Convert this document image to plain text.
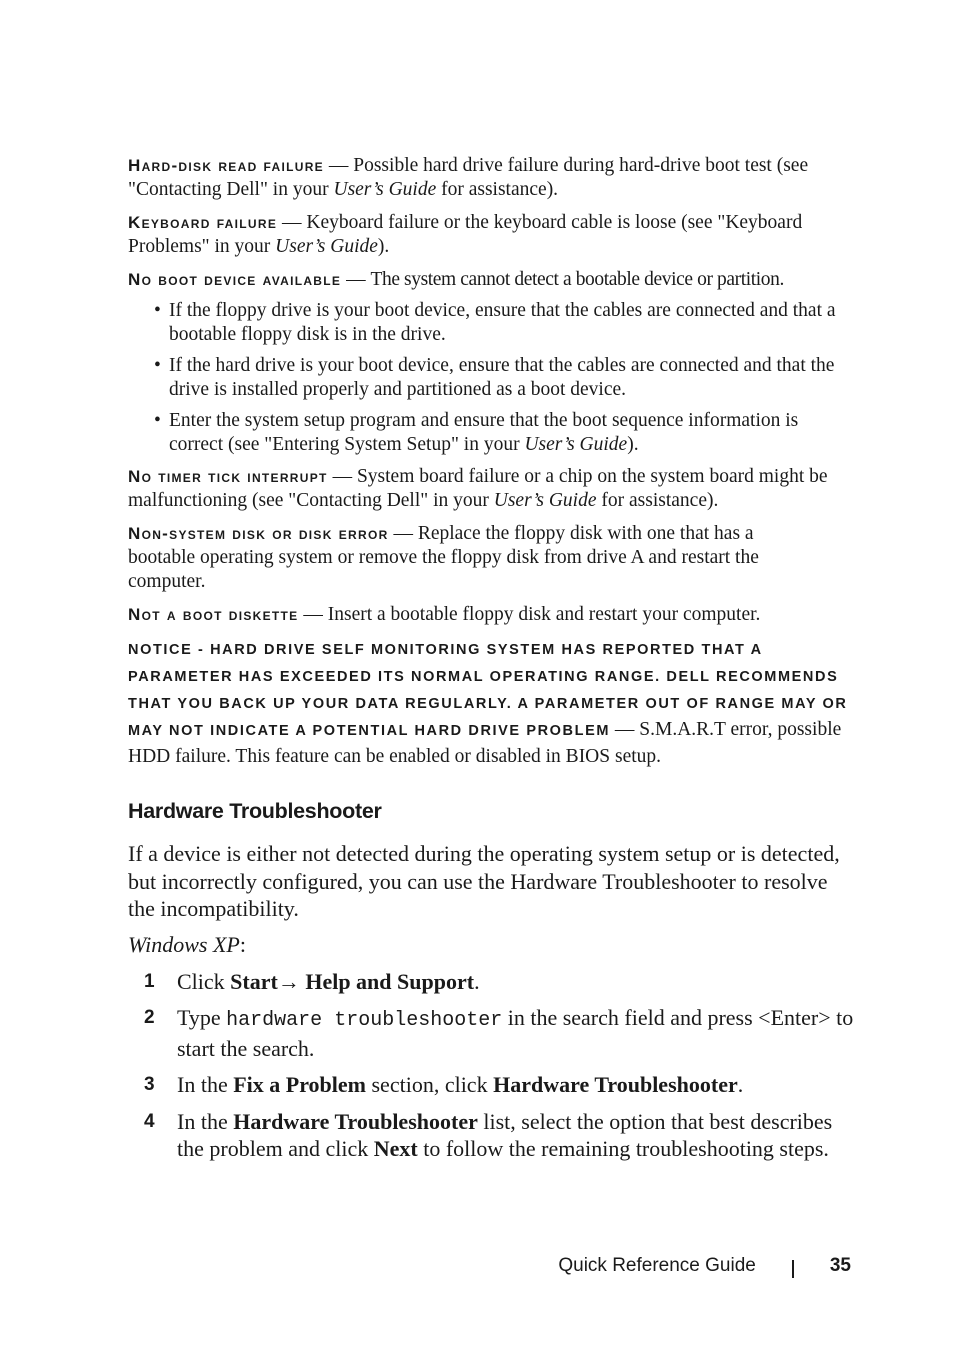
Hard-disk read failure — Possible hard drive failure during hard-drive boot test (see "Contacting Dell" in your User’s Guide for assistance).

Keyboard failure — Keyboard failure or the keyboard cable is loose (see "Keyboard Problems" in your User’s Guide).

No boot device available — The system cannot detect a bootable device or partition.

• If the floppy drive is your boot device, ensure that the cables are connected and that a bootable floppy disk is in the drive.
• If the hard drive is your boot device, ensure that the cables are connected and that the drive is installed properly and partitioned as a boot device.
• Enter the system setup program and ensure that the boot sequence information is correct (see "Entering System Setup" in your User’s Guide).

No timer tick interrupt — System board failure or a chip on the system board might be malfunctioning (see "Contacting Dell" in your User’s Guide for assistance).

Non-system disk or disk error — Replace the floppy disk with one that has a bootable operating system or remove the floppy disk from drive A and restart the computer.

Not a boot diskette — Insert a bootable floppy disk and restart your computer.

NOTICE - HARD DRIVE SELF MONITORING SYSTEM HAS REPORTED THAT A PARAMETER HAS EXCEEDED ITS NORMAL OPERATING RANGE. DELL RECOMMENDS THAT YOU BACK UP YOUR DATA REGULARLY. A PARAMETER OUT OF RANGE MAY OR MAY NOT INDICATE A POTENTIAL HARD DRIVE PROBLEM — S.M.A.R.T error, possible HDD failure. This feature can be enabled or disabled in BIOS setup.

Hardware Troubleshooter

If a device is either not detected during the operating system setup or is detected, but incorrectly configured, you can use the Hardware Troubleshooter to resolve the incompatibility.

Windows XP:

1 Click Start→ Help and Support.
2 Type hardware troubleshooter in the search field and press <Enter> to start the search.
3 In the Fix a Problem section, click Hardware Troubleshooter.
4 In the Hardware Troubleshooter list, select the option that best describes the problem and click Next to follow the remaining troubleshooting steps.
Quick Reference Guide	35
